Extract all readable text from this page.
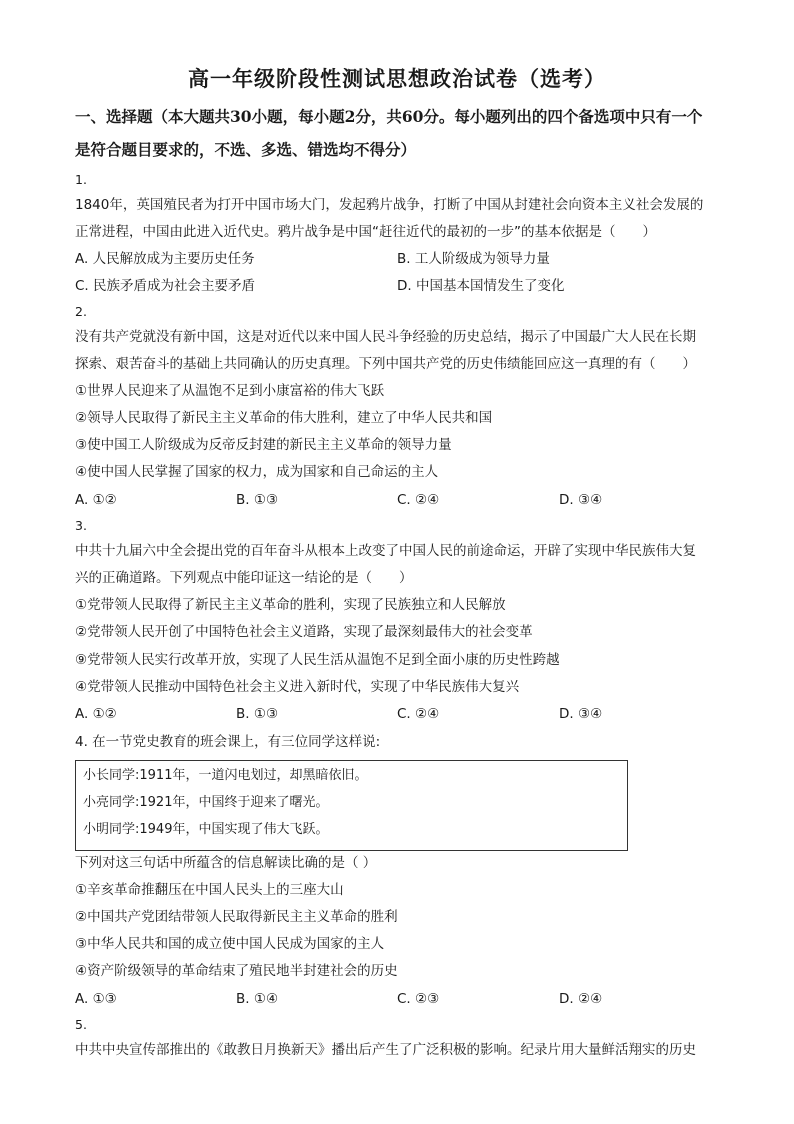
高一年级阶段性测试思想政治试卷（选考）
一、选择题（本大题共30小题，每小题2分，共60分。每小题列出的四个备选项中只有一个
是符合题目要求的，不选、多选、错选均不得分）
1.
1840年，英国殖民者为打开中国市场大门，发起鸦片战争，打断了中国从封建社会向资本主义社会发展的
正常进程，中国由此进入近代史。鸦片战争是中国“赶往近代的最初的一步”的基本依据是（　　）
A. 人民解放成为主要历史任务	B. 工人阶级成为领导力量
C. 民族矛盾成为社会主要矛盾	D. 中国基本国情发生了变化
2.
没有共产党就没有新中国，这是对近代以来中国人民斗争经验的历史总结，揭示了中国最广大人民在长期
探索、艰苦奋斗的基础上共同确认的历史真理。下列中国共产党的历史伟绩能回应这一真理的有（　　）
①世界人民迎来了从温饱不足到小康富裕的伟大飞跃
②领导人民取得了新民主主义革命的伟大胜利，建立了中华人民共和国
③使中国工人阶级成为反帝反封建的新民主主义革命的领导力量
④使中国人民掌握了国家的权力，成为国家和自己命运的主人
A. ①②	B. ①③	C. ②④	D. ③④
3.
中共十九届六中全会提出党的百年奋斗从根本上改变了中国人民的前途命运，开辟了实现中华民族伟大复
兴的正确道路。下列观点中能印证这一结论的是（　　）
①党带领人民取得了新民主主义革命的胜利，实现了民族独立和人民解放
②党带领人民开创了中国特色社会主义道路，实现了最深刻最伟大的社会变革
⑨党带领人民实行改革开放，实现了人民生活从温饱不足到全面小康的历史性跨越
④党带领人民推动中国特色社会主义进入新时代，实现了中华民族伟大复兴
A. ①②	B. ①③	C. ②④	D. ③④
4. 在一节党史教育的班会课上，有三位同学这样说:
小长同学:1911年，一道闪电划过，却黑暗依旧。
小亮同学:1921年，中国终于迎来了曙光。
小明同学:1949年，中国实现了伟大飞跃。
下列对这三句话中所蕴含的信息解读比确的是（ ）
①辛亥革命推翻压在中国人民头上的三座大山
②中国共产党团结带领人民取得新民主主义革命的胜利
③中华人民共和国的成立使中国人民成为国家的主人
④资产阶级领导的革命结束了殖民地半封建社会的历史
A. ①③	B. ①④	C. ②③	D. ②④
5.
中共中央宣传部推出的《敢教日月换新天》播出后产生了广泛积极的影响。纪录片用大量鲜活翔实的历史
